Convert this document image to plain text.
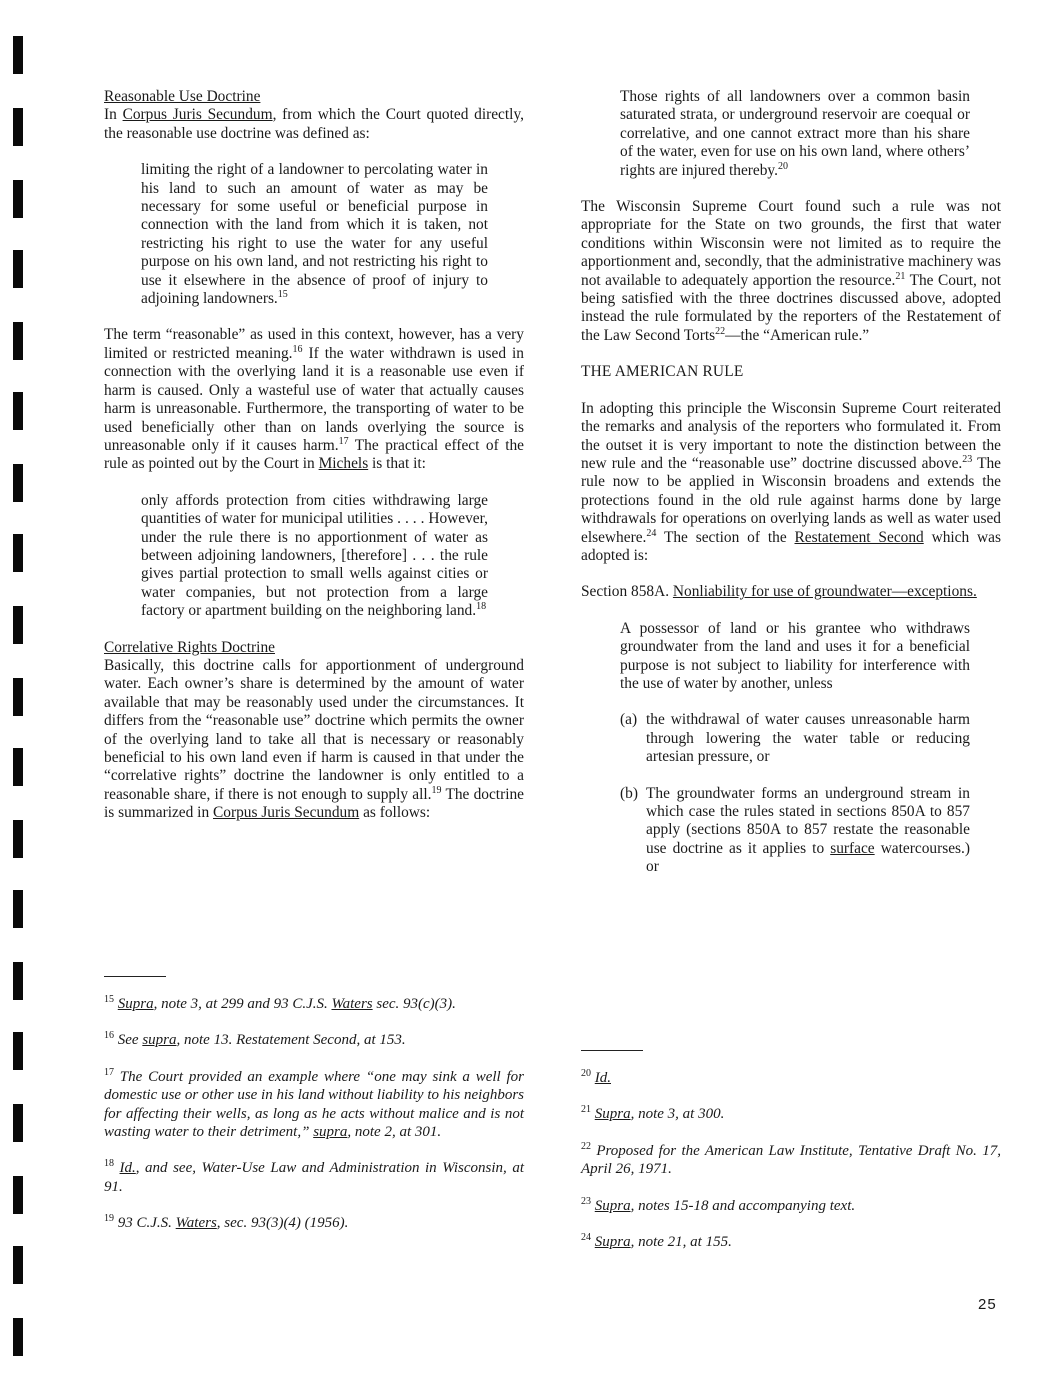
Reasonable Use Doctrine

In Corpus Juris Secundum, from which the Court quoted directly, the reasonable use doctrine was defined as:

limiting the right of a landowner to percolating water in his land to such an amount of water as may be necessary for some useful or beneficial purpose in connection with the land from which it is taken, not restricting his right to use the water for any useful purpose on his own land, and not restricting his right to use it elsewhere in the absence of proof of injury to adjoining landowners.$^{15}$

The term “reasonable” as used in this context, however, has a very limited or restricted meaning.$^{16}$ If the water withdrawn is used in connection with the overlying land it is a reasonable use even if harm is caused. Only a wasteful use of water that actually causes harm is unreasonable. Furthermore, the transporting of water to be used beneficially other than on lands overlying the source is unreasonable only if it causes harm.$^{17}$ The practical effect of the rule as pointed out by the Court in Michels is that it:

only affords protection from cities withdrawing large quantities of water for municipal utilities . . . . However, under the rule there is no apportionment of water as between adjoining landowners, [therefore] . . . the rule gives partial protection to small wells against cities or water companies, but not protection from a large factory or apartment building on the neighboring land.$^{18}$

Correlative Rights Doctrine

Basically, this doctrine calls for apportionment of underground water. Each owner’s share is determined by the amount of water available that may be reasonably used under the circumstances. It differs from the “reasonable use” doctrine which permits the owner of the overlying land to take all that is necessary or reasonably beneficial to his own land even if harm is caused in that under the “correlative rights” doctrine the landowner is only entitled to a reasonable share, if there is not enough to supply all.$^{19}$ The doctrine is summarized in Corpus Juris Secundum as follows:

$^{15}$ Supra, note 3, at 299 and 93 C.J.S. Waters sec. 93(c)(3).

$^{16}$ See supra, note 13. Restatement Second, at 153.

$^{17}$ The Court provided an example where “one may sink a well for domestic use or other use in his land without liability to his neighbors for affecting their wells, as long as he acts without malice and is not wasting water to their detriment,” supra, note 2, at 301.

$^{18}$ Id., and see, Water-Use Law and Administration in Wisconsin, at 91.

$^{19}$ 93 C.J.S. Waters, sec. 93(3)(4) (1956).

Those rights of all landowners over a common basin saturated strata, or underground reservoir are coequal or correlative, and one cannot extract more than his share of the water, even for use on his own land, where others’ rights are injured thereby.$^{20}$

The Wisconsin Supreme Court found such a rule was not appropriate for the State on two grounds, the first that water conditions within Wisconsin were not limited as to require the apportionment and, secondly, that the administrative machinery was not available to adequately apportion the resource.$^{21}$ The Court, not being satisfied with the three doctrines discussed above, adopted instead the rule formulated by the reporters of the Restatement of the Law Second Torts$^{22}$—the “American rule.”

THE AMERICAN RULE

In adopting this principle the Wisconsin Supreme Court reiterated the remarks and analysis of the reporters who formulated it. From the outset it is very important to note the distinction between the new rule and the “reasonable use” doctrine discussed above.$^{23}$ The rule now to be applied in Wisconsin broadens and extends the protections found in the old rule against harms done by large withdrawals for operations on overlying lands as well as water used elsewhere.$^{24}$ The section of the Restatement Second which was adopted is:

Section 858A. Nonliability for use of groundwater—exceptions.

A possessor of land or his grantee who withdraws groundwater from the land and uses it for a beneficial purpose is not subject to liability for interference with the use of water by another, unless

(a) the withdrawal of water causes unreasonable harm through lowering the water table or reducing artesian pressure, or
(b) The groundwater forms an underground stream in which case the rules stated in sections 850A to 857 apply (sections 850A to 857 restate the reasonable use doctrine as it applies to surface watercourses.) or

$^{20}$ Id.

$^{21}$ Supra, note 3, at 300.

$^{22}$ Proposed for the American Law Institute, Tentative Draft No. 17, April 26, 1971.

$^{23}$ Supra, notes 15-18 and accompanying text.

$^{24}$ Supra, note 21, at 155.

25
